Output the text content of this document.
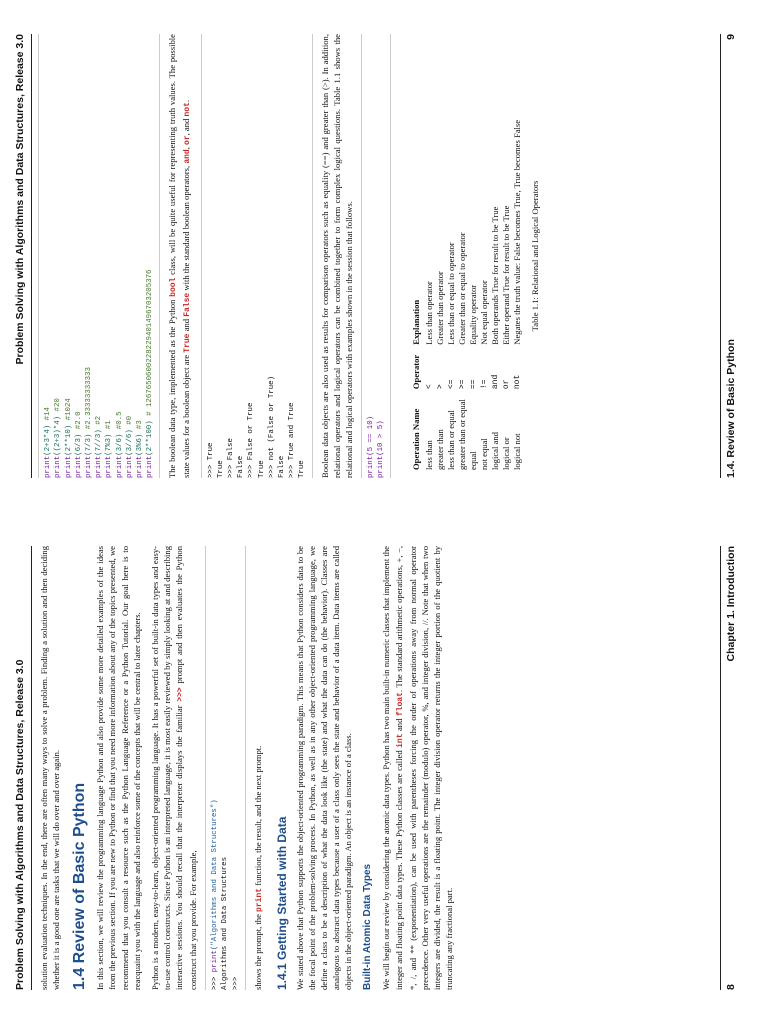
Problem Solving with Algorithms and Data Structures, Release 3.0	solution evaluation techniques. In the end, there are often many ways to solve a problem. Finding a solution and then deciding whether it is a good one are tasks that we will do over and over again. 1.4 Review of Basic Python In this section, we will review the programming language Python and also provide some more detailed examples of the ideas from the previous section. If you are new to Python or find that you need more information about any of the topics presented, we recommend that you consult a resource such as the Python Language Reference or a Python Tutorial. Our goal here is to reacquaint you with the language and also reinforce some of the concepts that will be central to later chapters. Python is a modern, easy-to-learn, object-oriented programming language. It has a powerful set of built-in data types and easy-to-use control constructs. Since Python is an interpreted language, it is most easily reviewed by simply looking at and describing interactive sessions. You should recall that the interpreter displays the familiar >>> prompt and then evaluates the Python construct that you provide. For example,	>>> print("Algorithms and Data Structures") Algorithms and Data Structures >>>	shows the prompt, the print function, the result, and the next prompt. 1.4.1 Getting Started with Data We stated above that Python supports the object-oriented programming paradigm. This means that Python considers data to be the focal point of the problem-solving process. In Python, as well as in any other object-oriented programming language, we define a class to be a description of what the data look like (the state) and what the data can do (the behavior). Classes are analogous to abstract data types because a user of a class only sees the state and behavior of a data item. Data items are called objects in the object-oriented paradigm. An object is an instance of a class. Built-in Atomic Data Types We will begin our review by considering the atomic data types. Python has two main built-in numeric classes that implement the integer and floating point data types. These Python classes are called int and float. The standard arithmetic operations, +, −, *, /, and ** (exponentiation), can be used with parentheses forcing the order of operations away from normal operator precedence. Other very useful operations are the remainder (modulo) operator, %, and integer division, //. Note that when two integers are divided, the result is a floating point. The integer division operator returns the integer portion of the quotient by truncating any fractional part.	8
Chapter 1. Introduction
Problem Solving with Algorithms and Data Structures, Release 3.0
print(2+3*4) #14
print((2+3)*4) #20
print(2**10) #1024
print(6/3) #2.0
print(7/3) #2.33333333333
print(7//3) #2
print(7%3) #1
print(3/6) #0.5
print(3//6) #0
print(3%6) #3
print(2**100) # 1267650600228229401496703205376 The boolean data type, implemented as the Python bool class, will be quite useful for representing truth values. The possible state values for a boolean object are True and False with the standard boolean operators, and, or, and not.

>>> True True >>> False False >>> False or True True >>> not (False or True) False >>> True and True True Boolean data objects are also used as results for comparison operators such as equality (==) and greater than (>). In addition, relational operators and logical operators can be combined together to form complex logical questions. Table 1.1 shows the relational and logical operators with examples shown in the session that follows. print(5 == 10) print(10 > 5)	Operation Name	Operator	Explanation
less than	<	Less than operator
greater than	>	Greater than operator
less than or equal	<=	Less than or equal to operator
greater than or equal	>=	Greater than or equal to operator
equal	==	Equality operator
not equal	!=	Not equal operator
logical and	and	Both operands True for result to be True
logical or	or	Either operand True for result to be True
logical not	not	Negates the truth value: False becomes True, True becomes False Table 1.1: Relational and Logical Operators
1.4. Review of Basic Python
9
